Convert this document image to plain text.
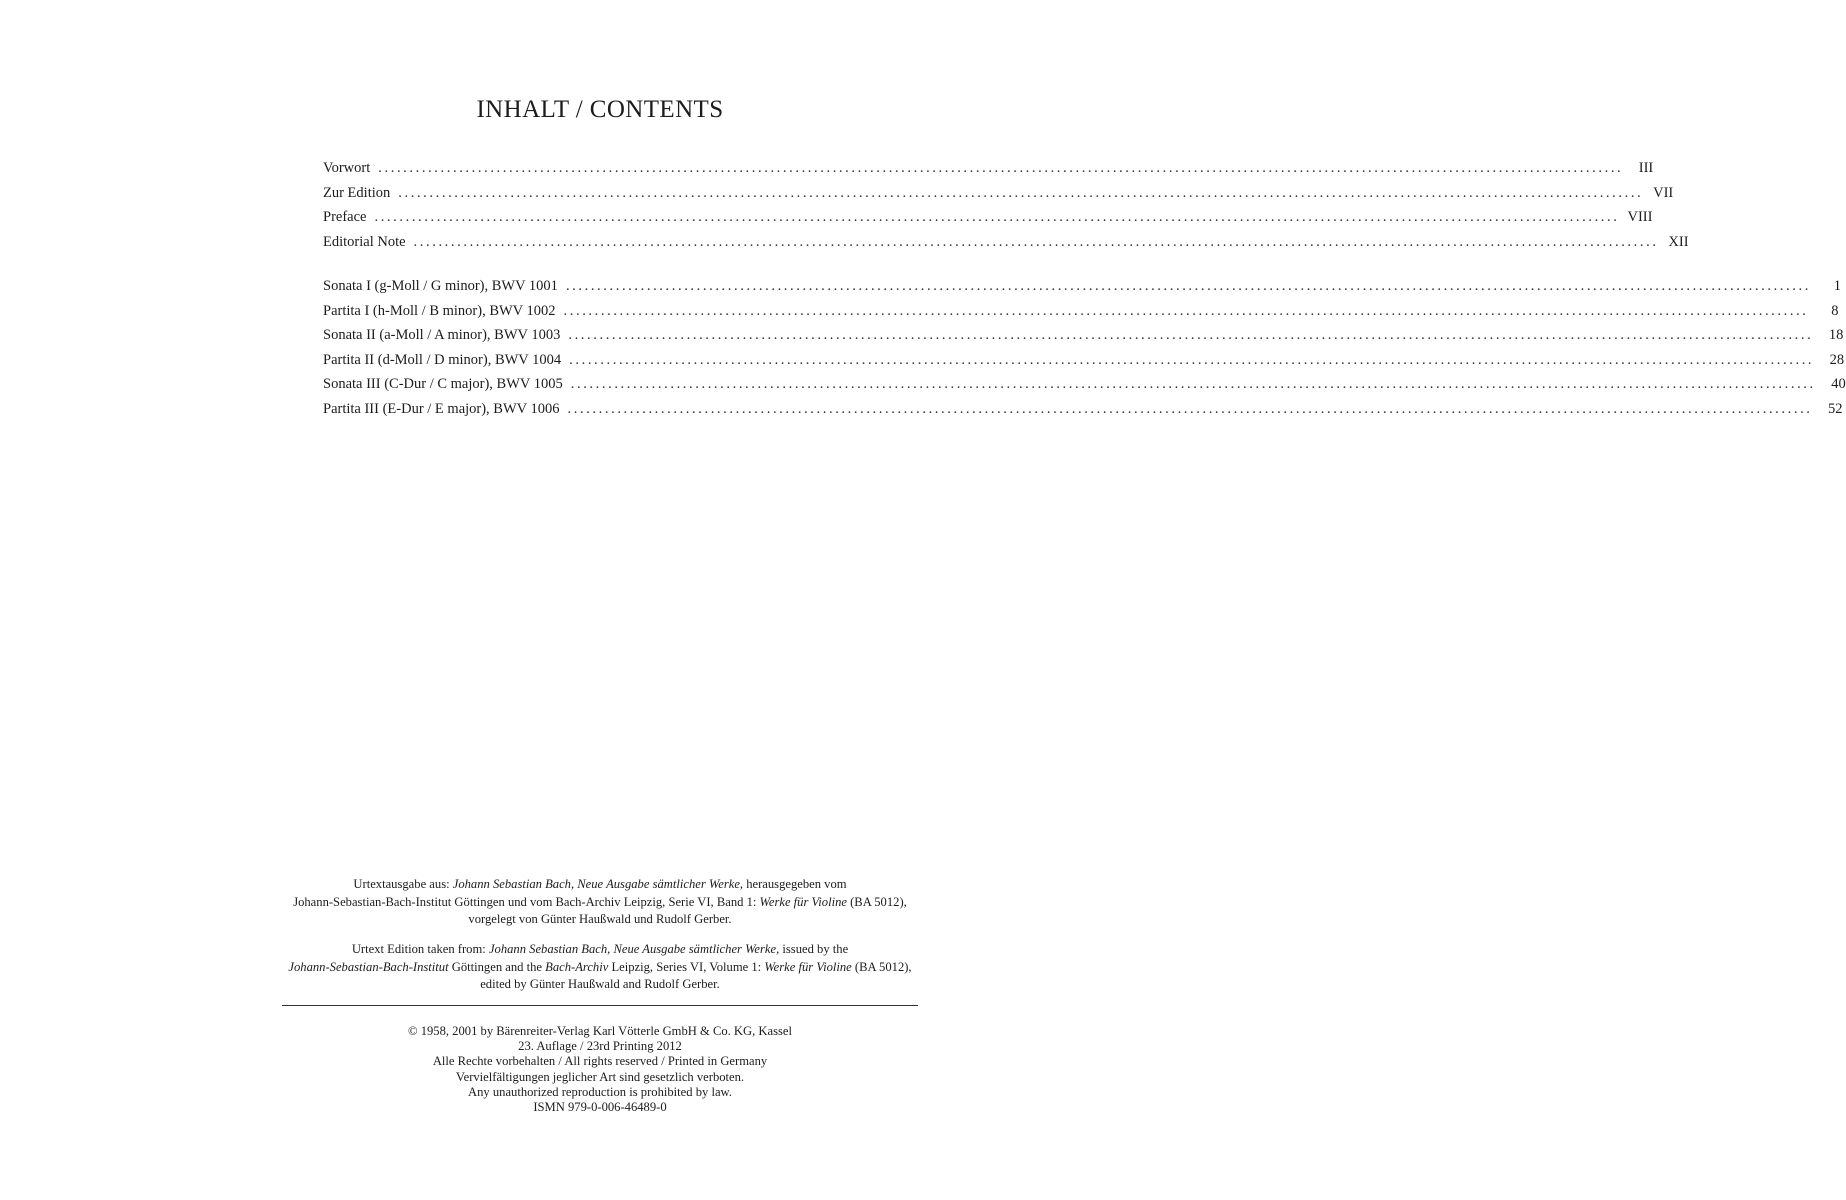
INHALT / CONTENTS
Vorwort ........................................................................................................................................................................................................	III
Zur Edition ........................................................................................................................................................................................................ VII
Preface ........................................................................................................................................................................................................ VIII
Editorial Note ........................................................................................................................................................................................................ XII
Sonata I (g-Moll / G minor), BWV 1001 ........................................................................................................................................................................................................	1
Partita I (h-Moll / B minor), BWV 1002 ........................................................................................................................................................................................................	8
Sonata II (a-Moll / A minor), BWV 1003 ........................................................................................................................................................................................................	18
Partita II (d-Moll / D minor), BWV 1004 ........................................................................................................................................................................................................	28
Sonata III (C-Dur / C major), BWV 1005 ........................................................................................................................................................................................................	40
Partita III (E-Dur / E major), BWV 1006 ........................................................................................................................................................................................................	52
Urtextausgabe aus: Johann Sebastian Bach, Neue Ausgabe sämtlicher Werke, herausgegeben vom
Johann-Sebastian-Bach-Institut Göttingen und vom Bach-Archiv Leipzig, Serie VI, Band 1: Werke für Violine (BA 5012),
vorgelegt von Günter Haußwald und Rudolf Gerber.
Urtext Edition taken from: Johann Sebastian Bach, Neue Ausgabe sämtlicher Werke, issued by the
Johann-Sebastian-Bach-Institut Göttingen and the Bach-Archiv Leipzig, Series VI, Volume 1: Werke für Violine (BA 5012),
edited by Günter Haußwald and Rudolf Gerber.
© 1958, 2001 by Bärenreiter-Verlag Karl Vötterle GmbH & Co. KG, Kassel
23. Auflage / 23rd Printing 2012
Alle Rechte vorbehalten / All rights reserved / Printed in Germany
Vervielfältigungen jeglicher Art sind gesetzlich verboten.
Any unauthorized reproduction is prohibited by law.
ISMN 979-0-006-46489-0
